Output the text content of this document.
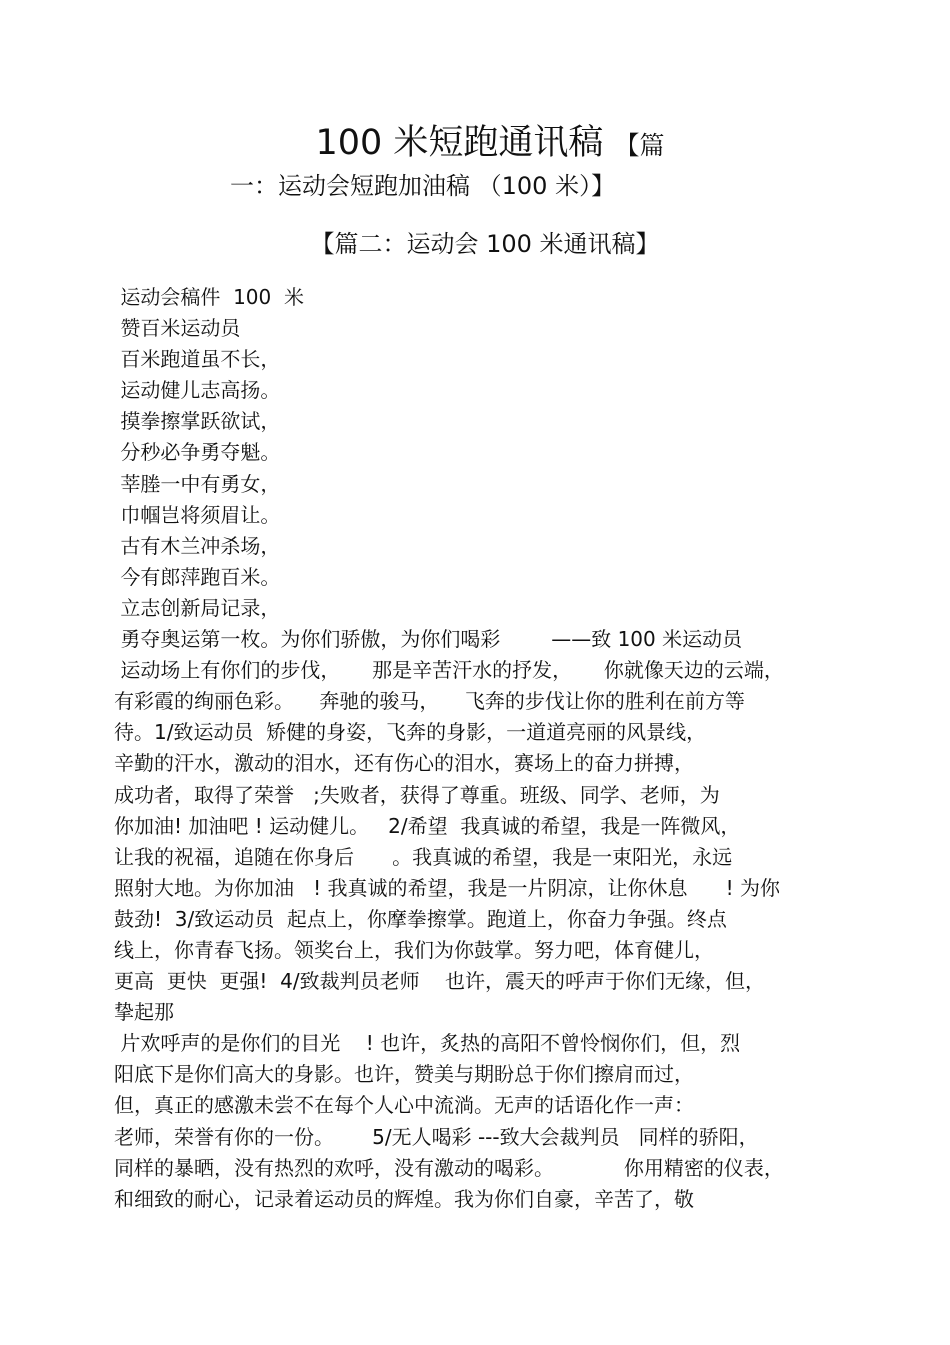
100 米短跑通讯稿 【篇
一：运动会短跑加油稿 （100 米）】
【篇二：运动会 100 米通讯稿】
运动会稿件  100  米
赞百米运动员
百米跑道虽不长，
运动健儿志高扬。
摸拳擦掌跃欲试，
分秒必争勇夺魁。
莘塍一中有勇女，
巾帼岂将须眉让。
古有木兰冲杀场，
今有郎萍跑百米。
立志创新局记录，
勇夺奥运第一枚。为你们骄傲，为你们喝彩        ——致 100 米运动员
运动场上有你们的步伐，     那是辛苦汗水的抒发，     你就像天边的云端，
有彩霞的绚丽色彩。    奔驰的骏马，    飞奔的步伐让你的胜利在前方等
待。1/致运动员  矫健的身姿，飞奔的身影，一道道亮丽的风景线，
辛勤的汗水，激动的泪水，还有伤心的泪水，赛场上的奋力拼搏，
成功者，取得了荣誉   ;失败者，获得了尊重。班级、同学、老师，为
你加油! 加油吧 ! 运动健儿。   2/希望  我真诚的希望，我是一阵微风，
让我的祝福，追随在你身后      。我真诚的希望，我是一束阳光，永远
照射大地。为你加油   ! 我真诚的希望，我是一片阴凉，让你休息      ! 为你
鼓劲!  3/致运动员  起点上，你摩拳擦掌。跑道上，你奋力争强。终点
线上，你青春飞扬。领奖台上，我们为你鼓掌。努力吧，体育健儿，
更高  更快  更强!  4/致裁判员老师    也许，震天的呼声于你们无缘，但，
挚起那
片欢呼声的是你们的目光    ! 也许，炙热的高阳不曾怜悯你们，但，烈
阳底下是你们高大的身影。也许，赞美与期盼总于你们擦肩而过，
但，真正的感激未尝不在每个人心中流淌。无声的话语化作一声：
老师，荣誉有你的一份。      5/无人喝彩 ---致大会裁判员   同样的骄阳，
同样的暴晒，没有热烈的欢呼，没有激动的喝彩。           你用精密的仪表，
和细致的耐心，记录着运动员的辉煌。我为你们自豪，辛苦了，敬
